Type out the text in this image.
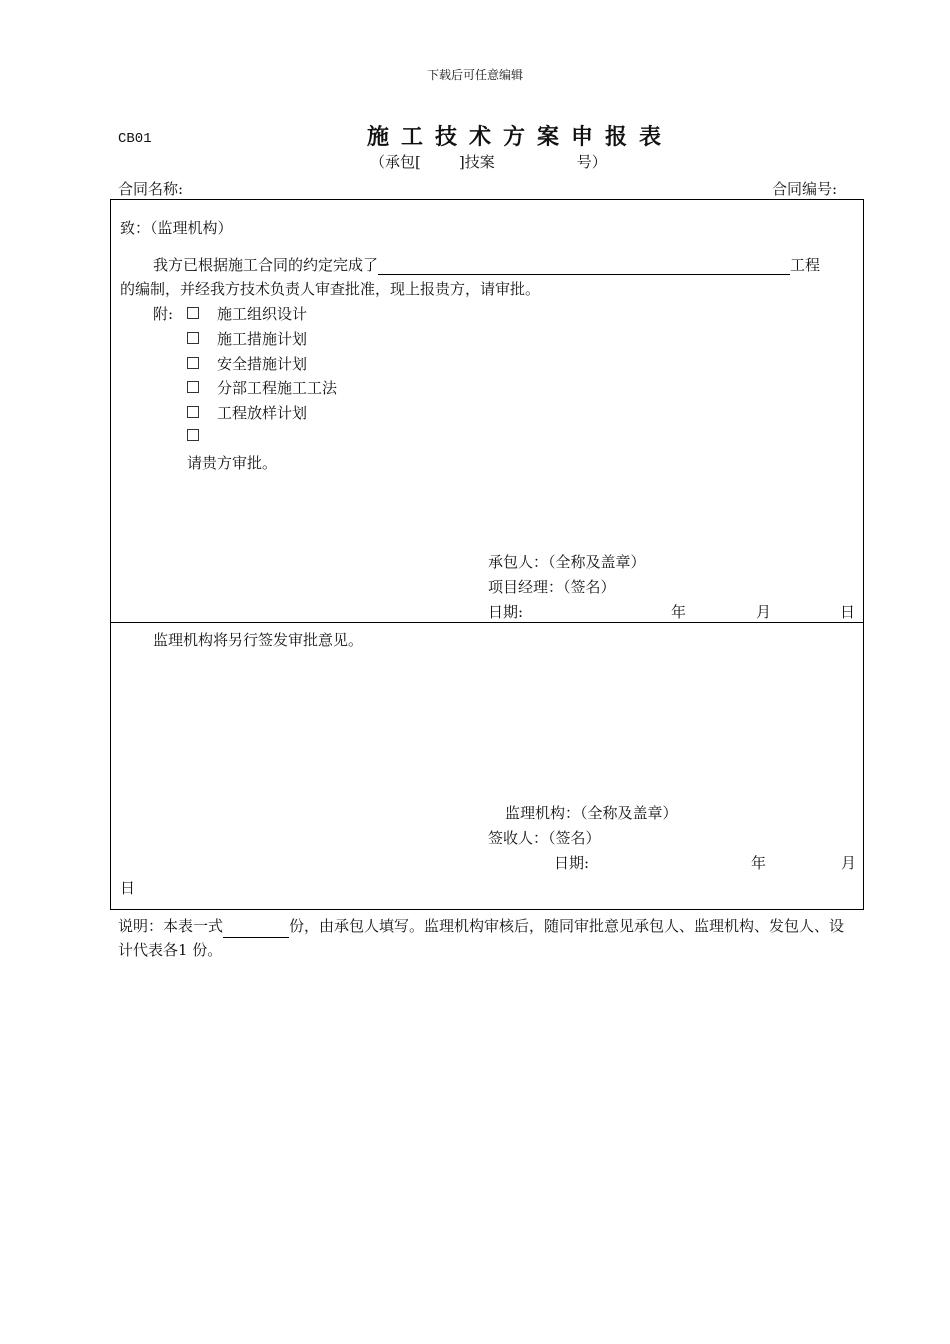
下载后可任意编辑
CB01	施工技术方案申报表
（承包[	]技案	号）
合同名称:	合同编号:
致：（监理机构）
我方已根据施工合同的约定完成了	工程
的编制，并经我方技术负责人审查批准，现上报贵方，请审批。
附:	施工组织设计
施工措施计划
安全措施计划
分部工程施工工法
工程放样计划
请贵方审批。
承包人：（全称及盖章）
项目经理：（签名）
日期:	年	月	日
监理机构将另行签发审批意见。
监理机构：（全称及盖章）
签收人：（签名）
日期:	年	月
日
说明：本表一式	份，由承包人填写。监理机构审核后，随同审批意见承包人、监理机构、发包人、设计代表各1 份。
